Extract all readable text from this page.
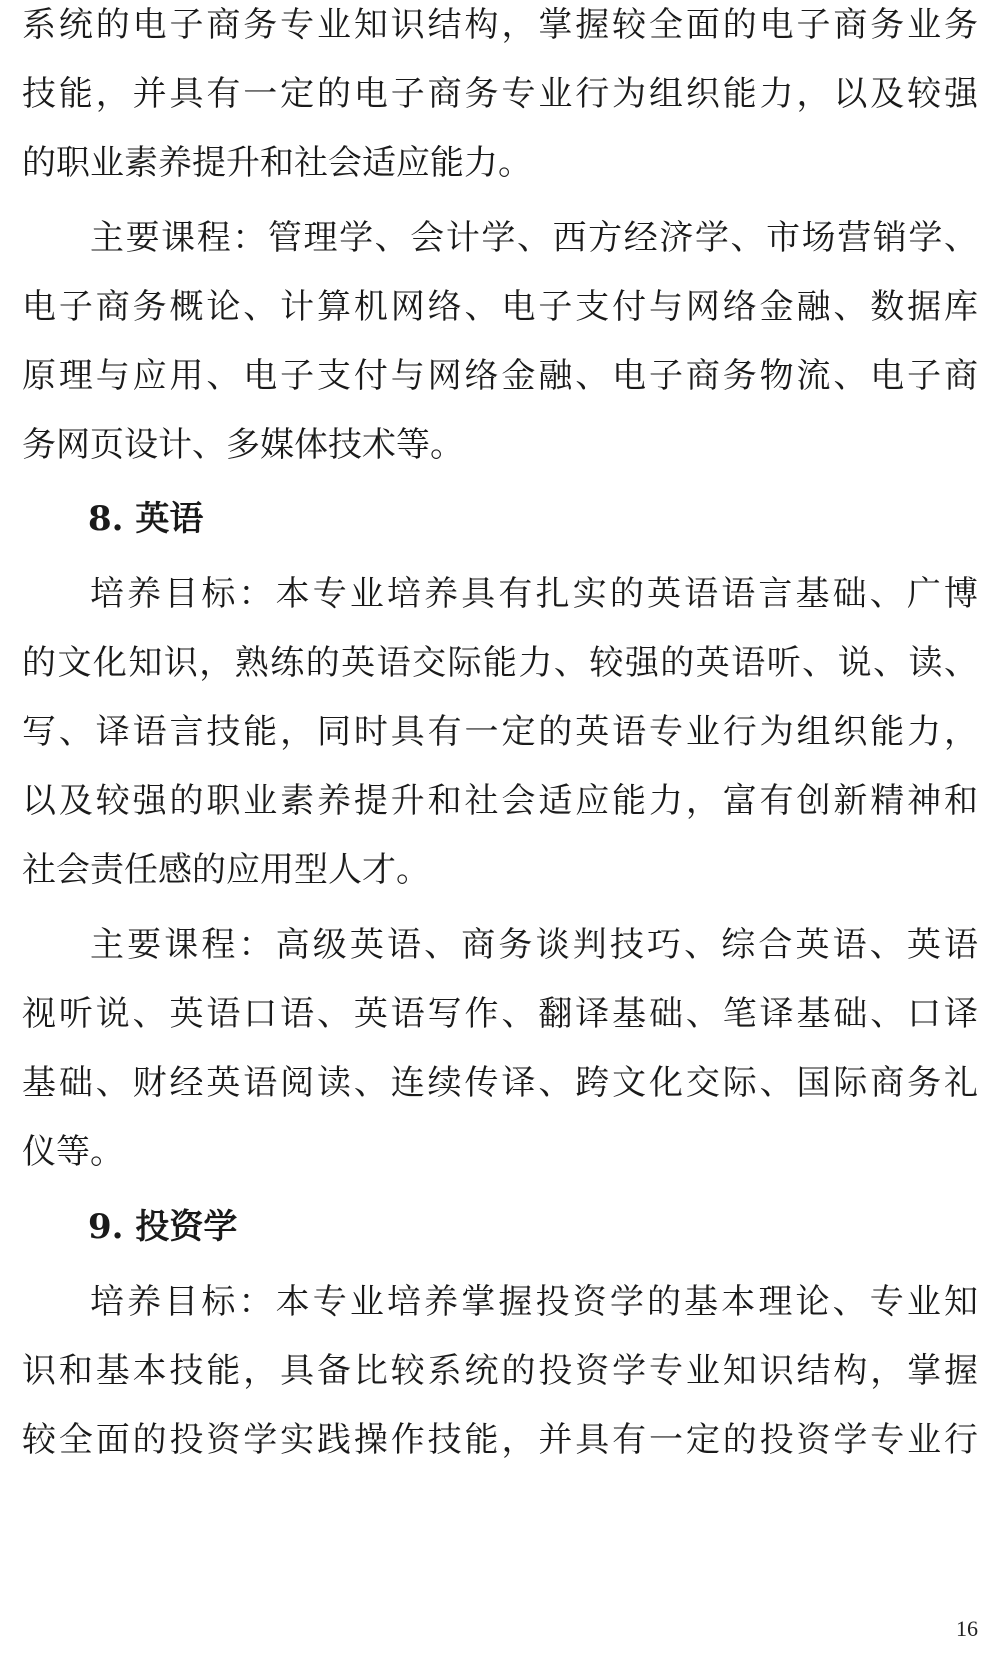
系统的电子商务专业知识结构，掌握较全面的电子商务业务
技能，并具有一定的电子商务专业行为组织能力，以及较强
的职业素养提升和社会适应能力。
主要课程：管理学、会计学、西方经济学、市场营销学、
电子商务概论、计算机网络、电子支付与网络金融、数据库
原理与应用、电子支付与网络金融、电子商务物流、电子商
务网页设计、多媒体技术等。
8. 英语
培养目标：本专业培养具有扎实的英语语言基础、广博
的文化知识，熟练的英语交际能力、较强的英语听、说、读、
写、译语言技能，同时具有一定的英语专业行为组织能力，
以及较强的职业素养提升和社会适应能力，富有创新精神和
社会责任感的应用型人才。
主要课程：高级英语、商务谈判技巧、综合英语、英语
视听说、英语口语、英语写作、翻译基础、笔译基础、口译
基础、财经英语阅读、连续传译、跨文化交际、国际商务礼
仪等。
9. 投资学
培养目标：本专业培养掌握投资学的基本理论、专业知
识和基本技能，具备比较系统的投资学专业知识结构，掌握
较全面的投资学实践操作技能，并具有一定的投资学专业行
16
